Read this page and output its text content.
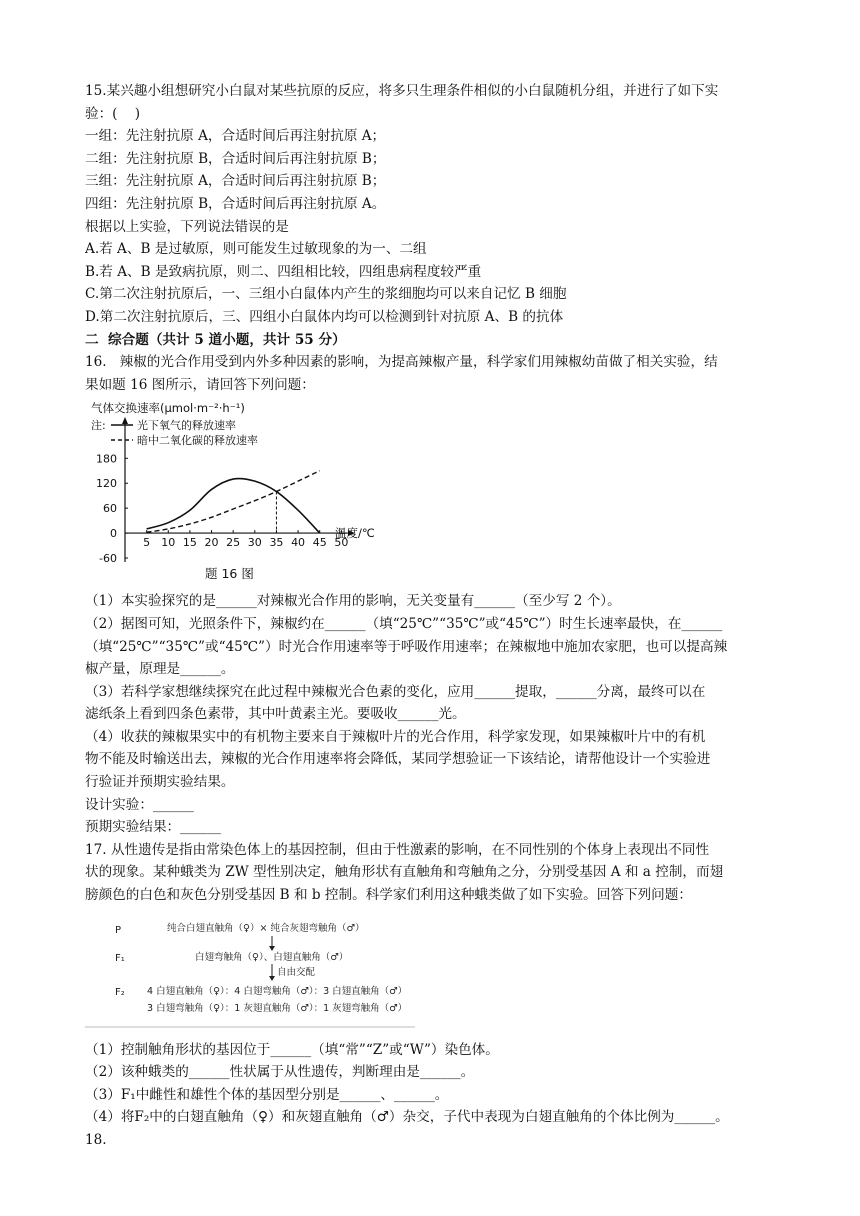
15.某兴趣小组想研究小白鼠对某些抗原的反应，将多只生理条件相似的小白鼠随机分组，并进行了如下实
验：(    )
一组：先注射抗原 A，合适时间后再注射抗原 A；
二组：先注射抗原 B，合适时间后再注射抗原 B；
三组：先注射抗原 A，合适时间后再注射抗原 B；
四组：先注射抗原 B，合适时间后再注射抗原 A。
根据以上实验，下列说法错误的是
A.若 A、B 是过敏原，则可能发生过敏现象的为一、二组
B.若 A、B 是致病抗原，则二、四组相比较，四组患病程度较严重
C.第二次注射抗原后，一、三组小白鼠体内产生的浆细胞均可以来自记忆 B 细胞
D.第二次注射抗原后，三、四组小白鼠体内均可以检测到针对抗原 A、B 的抗体
二  综合题（共计 5 道小题，共计 55 分）
16.   辣椒的光合作用受到内外多种因素的影响，为提高辣椒产量，科学家们用辣椒幼苗做了相关实验，结
果如题 16 图所示，请回答下列问题：
气体交换速率(μmol·m⁻²·h⁻¹)
注:	光下氧气的释放速率
暗中二氧化碳的释放速率
5 10 15 20 25 30 35 40 45 50
180
120
60
0
-60
温度/℃
题 16 图
（1）本实验探究的是______对辣椒光合作用的影响，无关变量有______（至少写 2 个）。
（2）据图可知，光照条件下，辣椒约在______（填“25℃”“35℃”或“45℃”）时生长速率最快，在______
（填“25℃”“35℃”或“45℃”）时光合作用速率等于呼吸作用速率；在辣椒地中施加农家肥，也可以提高辣
椒产量，原理是______。
（3）若科学家想继续探究在此过程中辣椒光合色素的变化，应用______提取，______分离，最终可以在
滤纸条上看到四条色素带，其中叶黄素主光。要吸收______光。
（4）收获的辣椒果实中的有机物主要来自于辣椒叶片的光合作用，科学家发现，如果辣椒叶片中的有机
物不能及时输送出去，辣椒的光合作用速率将会降低，某同学想验证一下该结论，请帮他设计一个实验进
行验证并预期实验结果。
设计实验：______
预期实验结果：______
17. 从性遗传是指由常染色体上的基因控制，但由于性激素的影响，在不同性别的个体身上表现出不同性
状的现象。某种蛾类为 ZW 型性别决定，触角形状有直触角和弯触角之分，分别受基因 A 和 a 控制，而翅
膀颜色的白色和灰色分别受基因 B 和 b 控制。科学家们利用这种蛾类做了如下实验。回答下列问题：
P	纯合白翅直触角（♀）× 纯合灰翅弯触角（♂）
F₁	白翅弯触角（♀）、白翅直触角（♂）
自由交配
F₂ 4 白翅直触角（♀）：4 白翅弯触角（♂）：3 白翅直触角（♂）
3 白翅弯触角（♀）：1 灰翅直触角（♂）：1 灰翅弯触角（♂）
（1）控制触角形状的基因位于______（填“常”“Z”或“W”）染色体。
（2）该种蛾类的______性状属于从性遗传，判断理由是______。
（3）F₁中雌性和雄性个体的基因型分别是______、______。
（4）将F₂中的白翅直触角（♀）和灰翅直触角（♂）杂交，子代中表现为白翅直触角的个体比例为______。
18.
